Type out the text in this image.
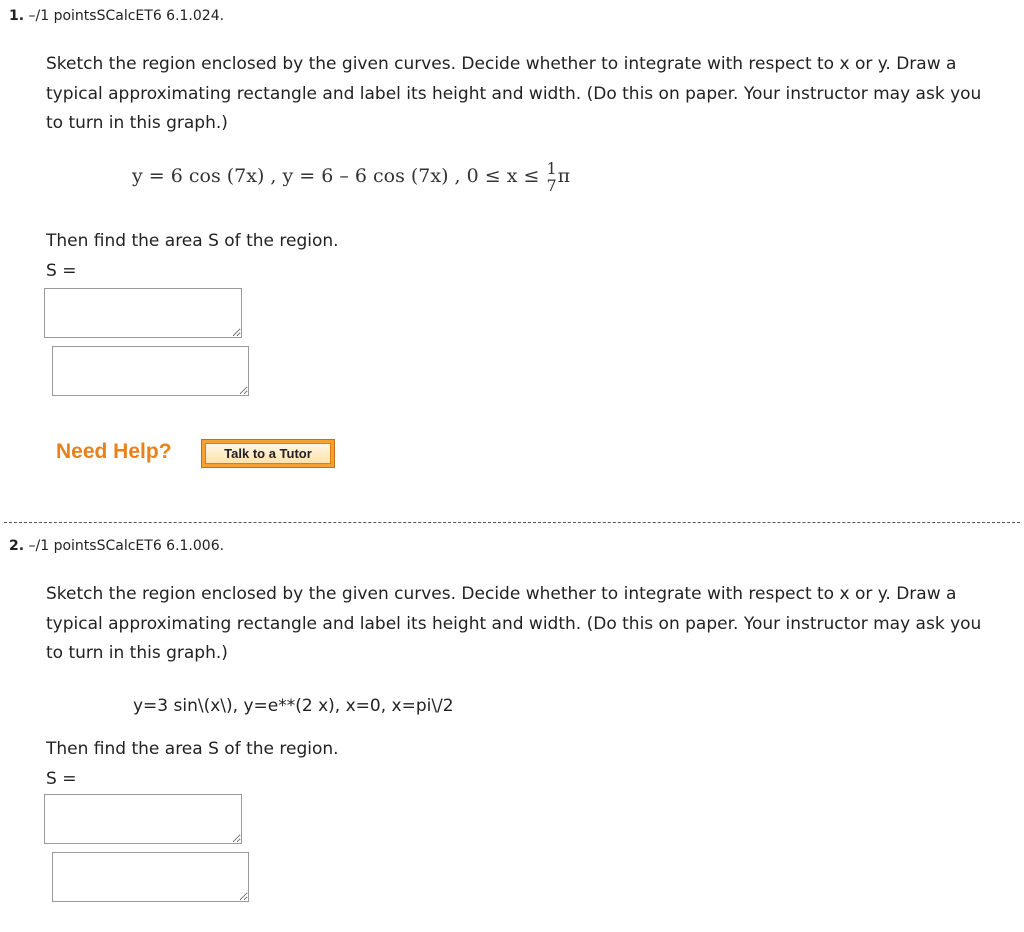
1. –/1 pointsSCalcET6 6.1.024.
Sketch the region enclosed by the given curves. Decide whether to integrate with respect to x or y. Draw a typical approximating rectangle and label its height and width. (Do this on paper. Your instructor may ask you to turn in this graph.)
y = 6 cos (7x) , y = 6 – 6 cos (7x) , 0 ≤ x ≤ 1
7 π
Then find the area S of the region.
S =
Need Help?	Talk to a Tutor
2. –/1 pointsSCalcET6 6.1.006.
Sketch the region enclosed by the given curves. Decide whether to integrate with respect to x or y. Draw a typical approximating rectangle and label its height and width. (Do this on paper. Your instructor may ask you to turn in this graph.)
y=3 sin\(x\), y=e**(2 x), x=0, x=pi\/2
Then find the area S of the region.
S =
